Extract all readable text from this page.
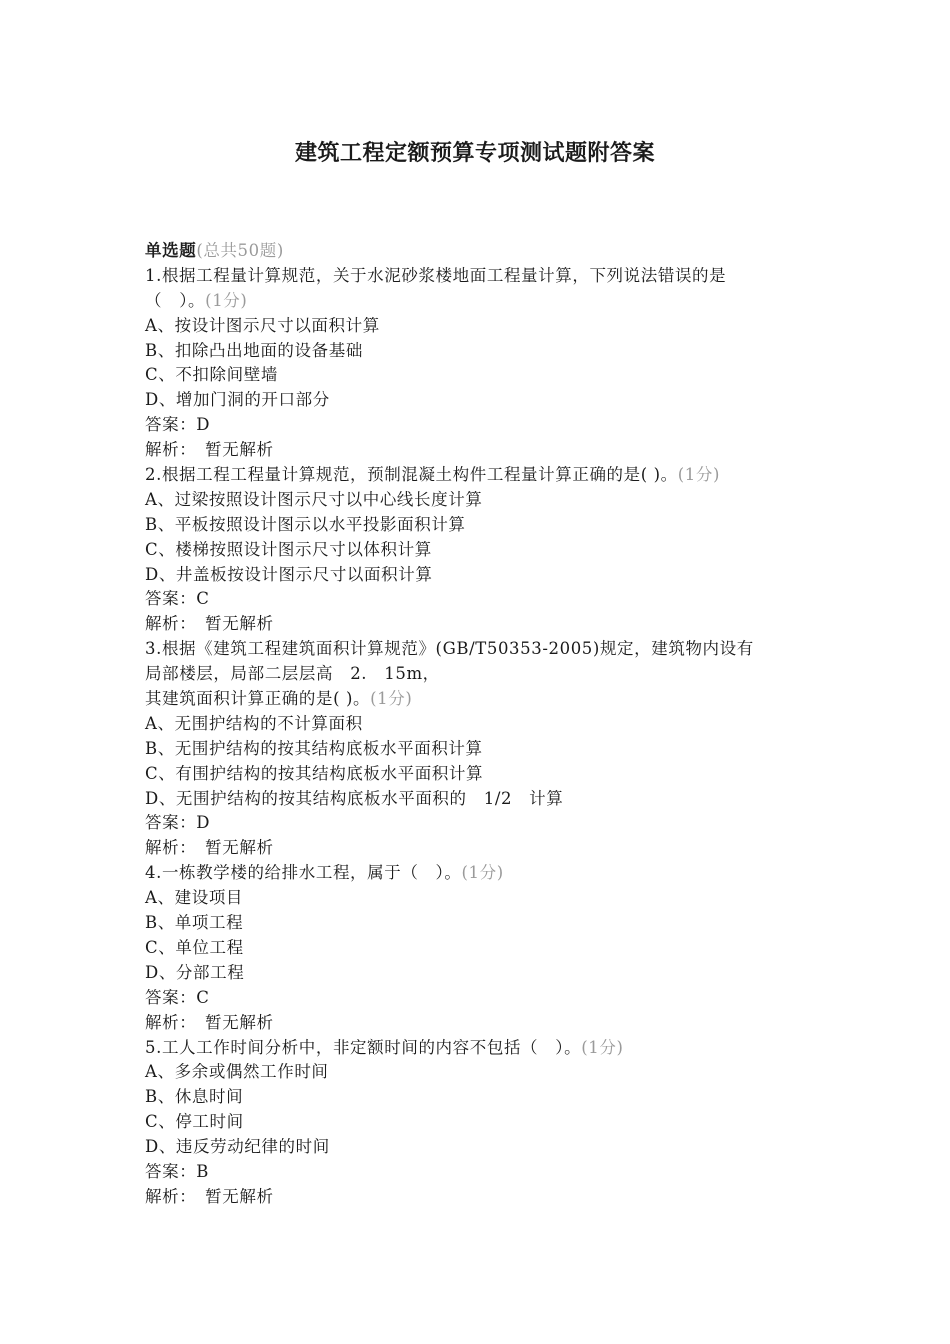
建筑工程定额预算专项测试题附答案
单选题(总共50题)
1.根据工程量计算规范，关于水泥砂浆楼地面工程量计算，下列说法错误的是
（　）。(1分)
A、按设计图示尺寸以面积计算
B、扣除凸出地面的设备基础
C、不扣除间壁墙
D、增加门洞的开口部分
答案：D
解析：　暂无解析
2.根据工程工程量计算规范，预制混凝土构件工程量计算正确的是( )。(1分)
A、过梁按照设计图示尺寸以中心线长度计算
B、平板按照设计图示以水平投影面积计算
C、楼梯按照设计图示尺寸以体积计算
D、井盖板按设计图示尺寸以面积计算
答案：C
解析：　暂无解析
3.根据《建筑工程建筑面积计算规范》(GB/T50353-2005)规定，建筑物内设有
局部楼层，局部二层层高　2.　15m，
其建筑面积计算正确的是( )。(1分)
A、无围护结构的不计算面积
B、无围护结构的按其结构底板水平面积计算
C、有围护结构的按其结构底板水平面积计算
D、无围护结构的按其结构底板水平面积的　1/2　计算
答案：D
解析：　暂无解析
4.一栋教学楼的给排水工程，属于（　）。(1分)
A、建设项目
B、单项工程
C、单位工程
D、分部工程
答案：C
解析：　暂无解析
5.工人工作时间分析中，非定额时间的内容不包括（　）。(1分)
A、多余或偶然工作时间
B、休息时间
C、停工时间
D、违反劳动纪律的时间
答案：B
解析：　暂无解析
